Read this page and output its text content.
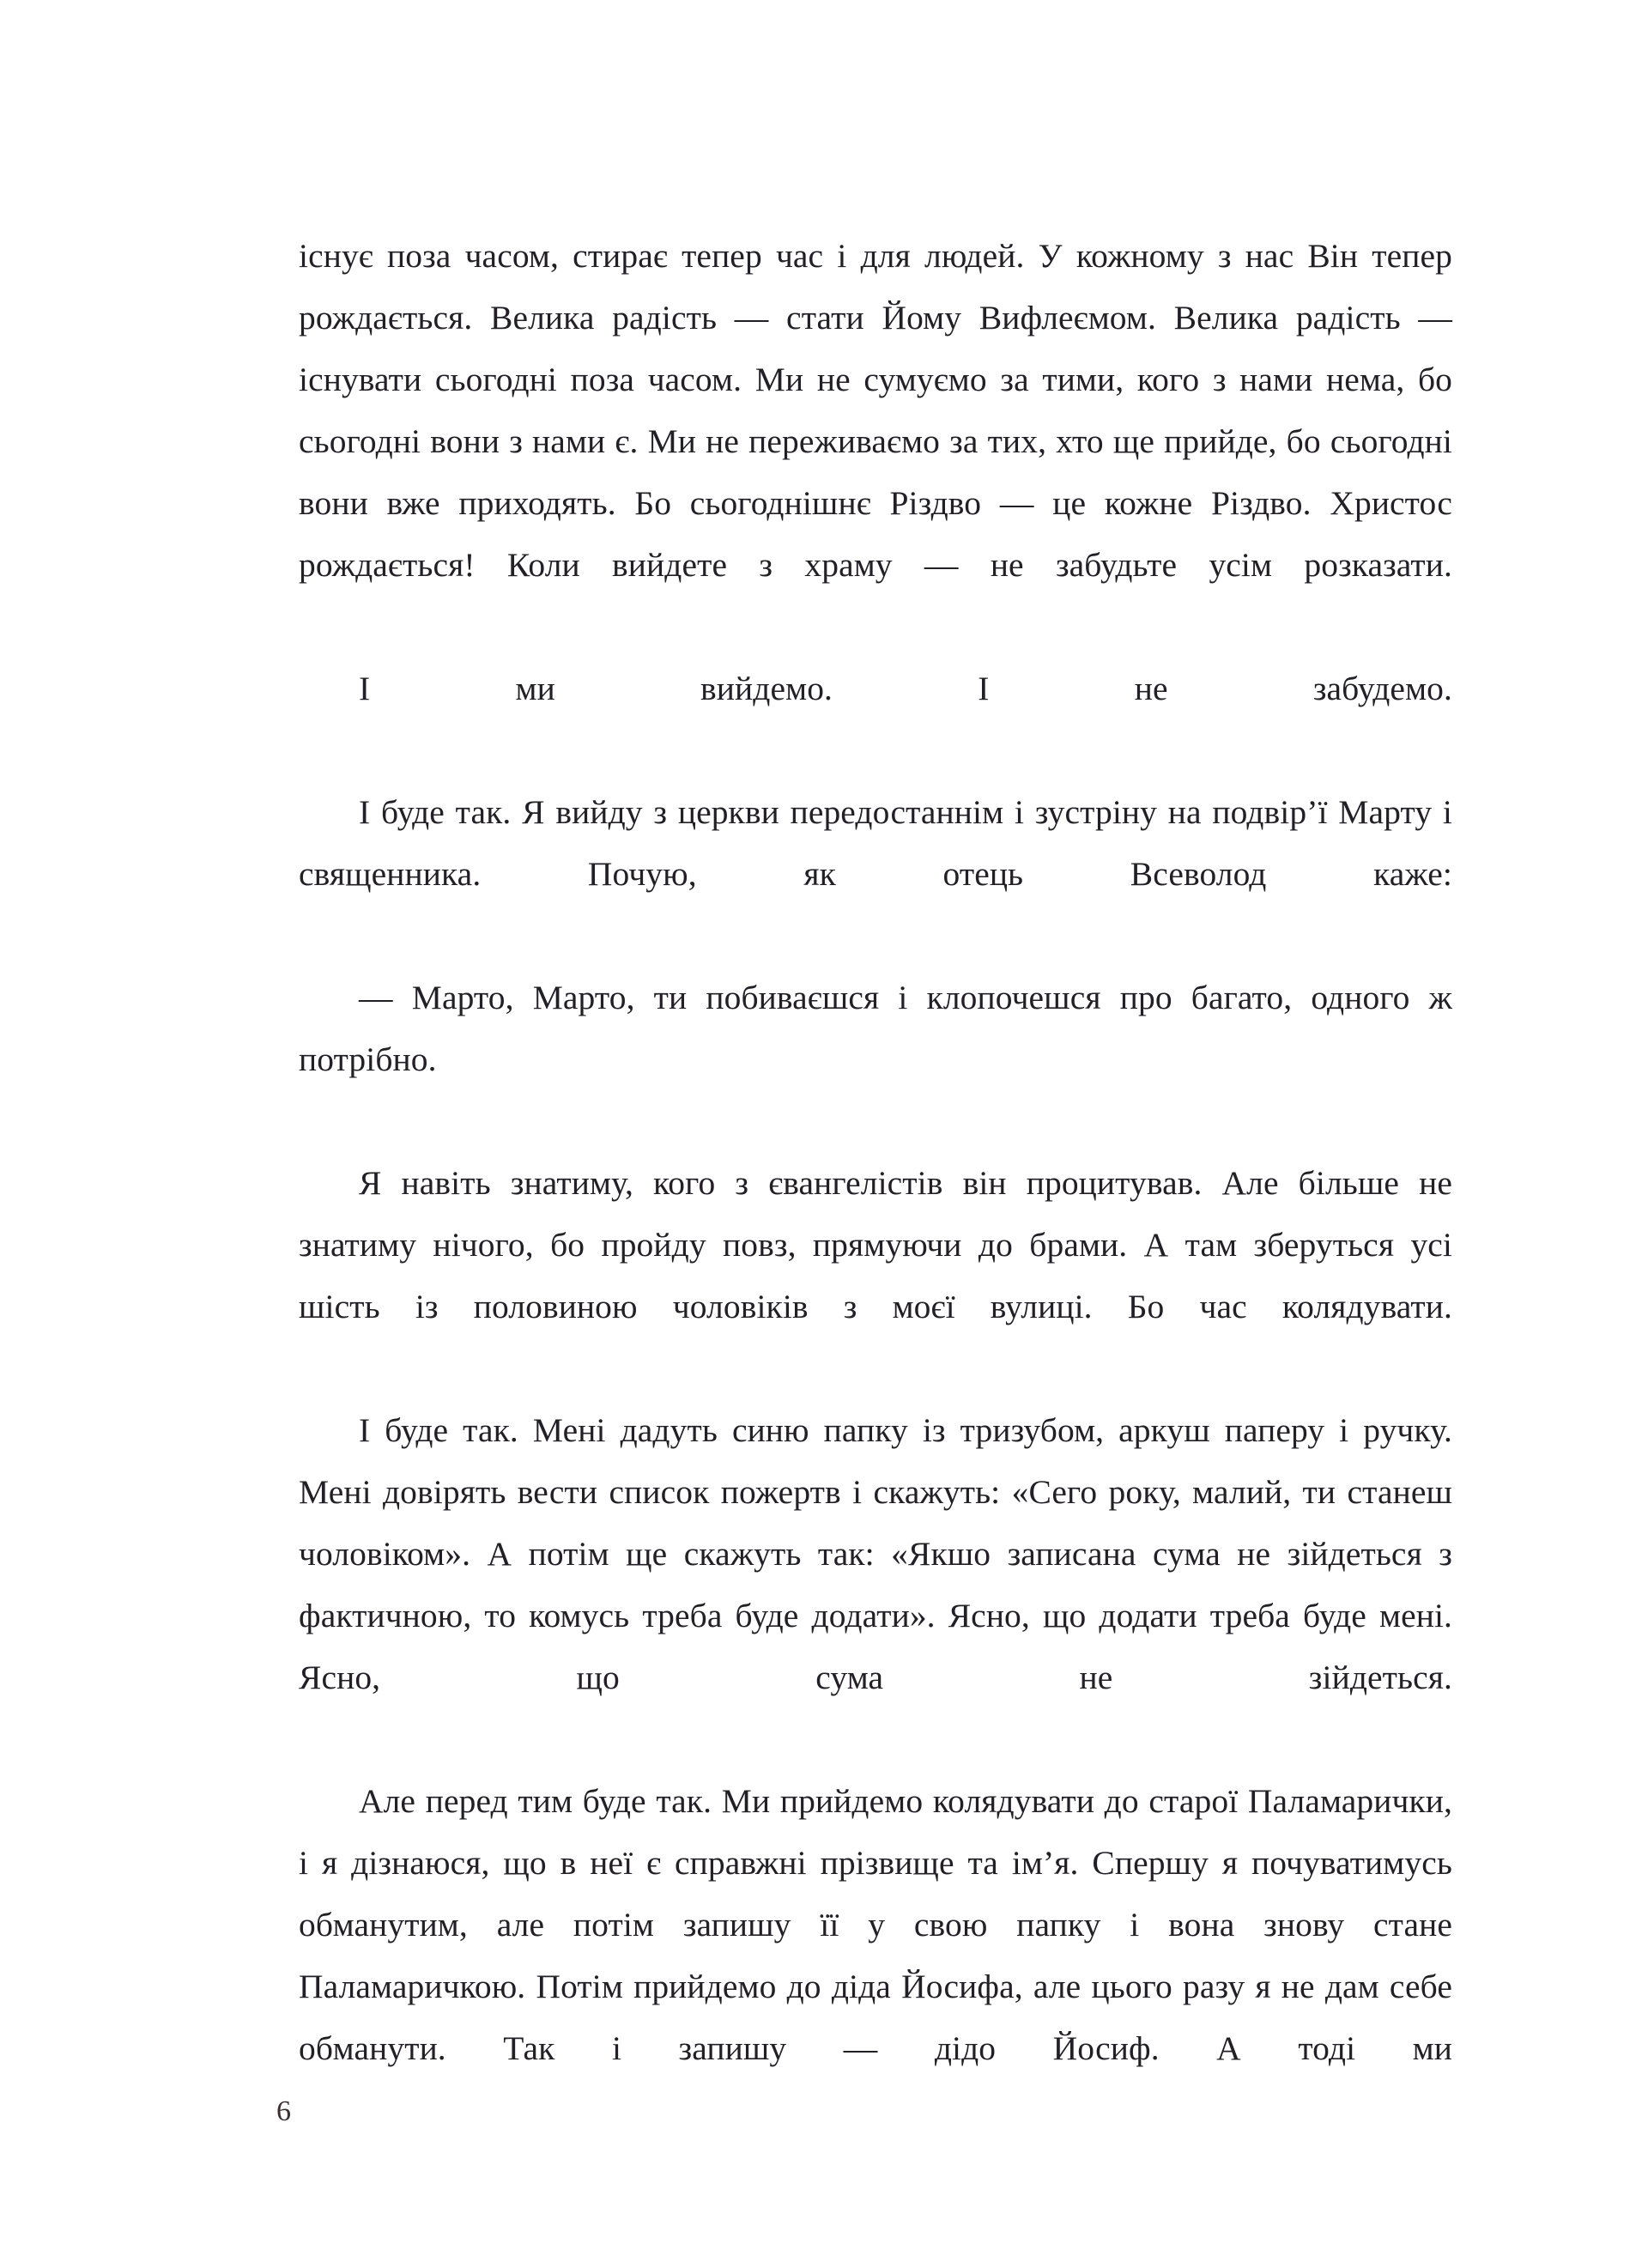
існує поза часом, стирає тепер час і для людей. У кожному з нас Він тепер рождається. Велика радість — стати Йому Вифлеємом. Велика радість — існувати сьогодні поза часом. Ми не сумуємо за тими, кого з нами нема, бо сьогодні вони з нами є. Ми не переживаємо за тих, хто ще прийде, бо сьогодні вони вже приходять. Бо сьогоднішнє Різдво — це кожне Різдво. Христос рождається! Коли вийдете з храму — не забудьте усім розказати.

І ми вийдемо. І не забудемо.

І буде так. Я вийду з церкви передостаннім і зустріну на подвір’ї Марту і священника. Почую, як отець Всеволод каже:

— Марто, Марто, ти побиваєшся і клопочешся про багато, одного ж потрібно.

Я навіть знатиму, кого з євангелістів він процитував. Але більше не знатиму нічого, бо пройду повз, прямуючи до брами. А там зберуться усі шість із половиною чоловіків з моєї вулиці. Бо час колядувати.

І буде так. Мені дадуть синю папку із тризубом, аркуш паперу і ручку. Мені довірять вести список пожертв і скажуть: «Сего року, малий, ти станеш чоловіком». А потім ще скажуть так: «Якшо записана сума не зійдеться з фактичною, то комусь треба буде додати». Ясно, що додати треба буде мені. Ясно, що сума не зійдеться.

Але перед тим буде так. Ми прийдемо колядувати до старої Паламарички, і я дізнаюся, що в неї є справжні прізвище та ім’я. Спершу я почуватимусь обманутим, але потім запишу її у свою папку і вона знову стане Паламаричкою. Потім прийдемо до діда Йосифа, але цього разу я не дам себе обманути. Так і запишу — дідо Йосиф. А тоді ми

6
